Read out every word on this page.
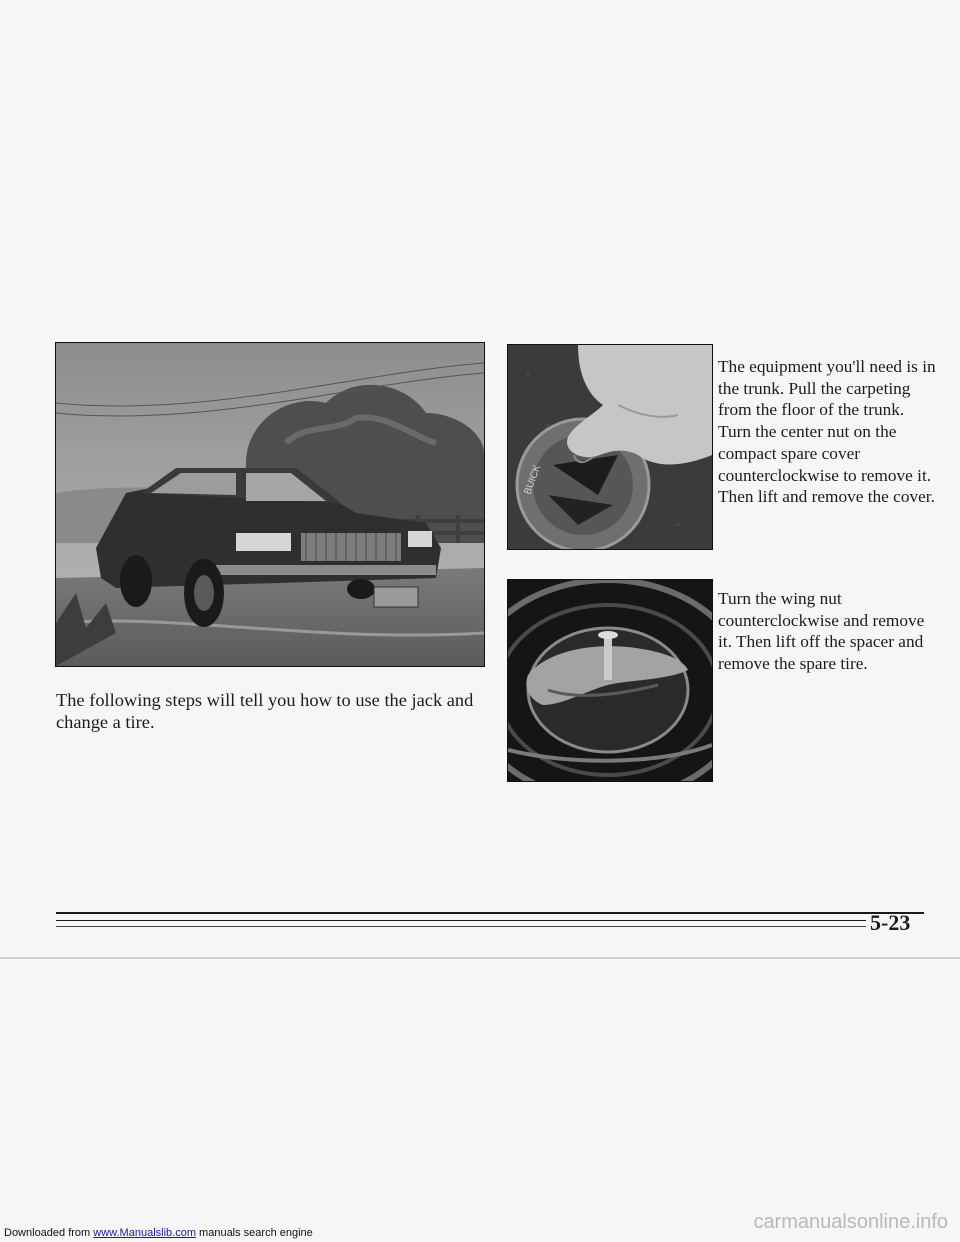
The following steps will tell you how to use the jack and change a tire.

BUICK

The equipment you'll need is in the trunk. Pull the carpeting from the floor of the trunk. Turn the center nut on the compact spare cover counterclockwise to remove it. Then lift and remove the cover.

Turn the wing nut counterclockwise and remove it. Then lift off the spacer and remove the spare tire.

5-23
Downloaded from www.Manualslib.com manuals search engine	carmanualsonline.info
